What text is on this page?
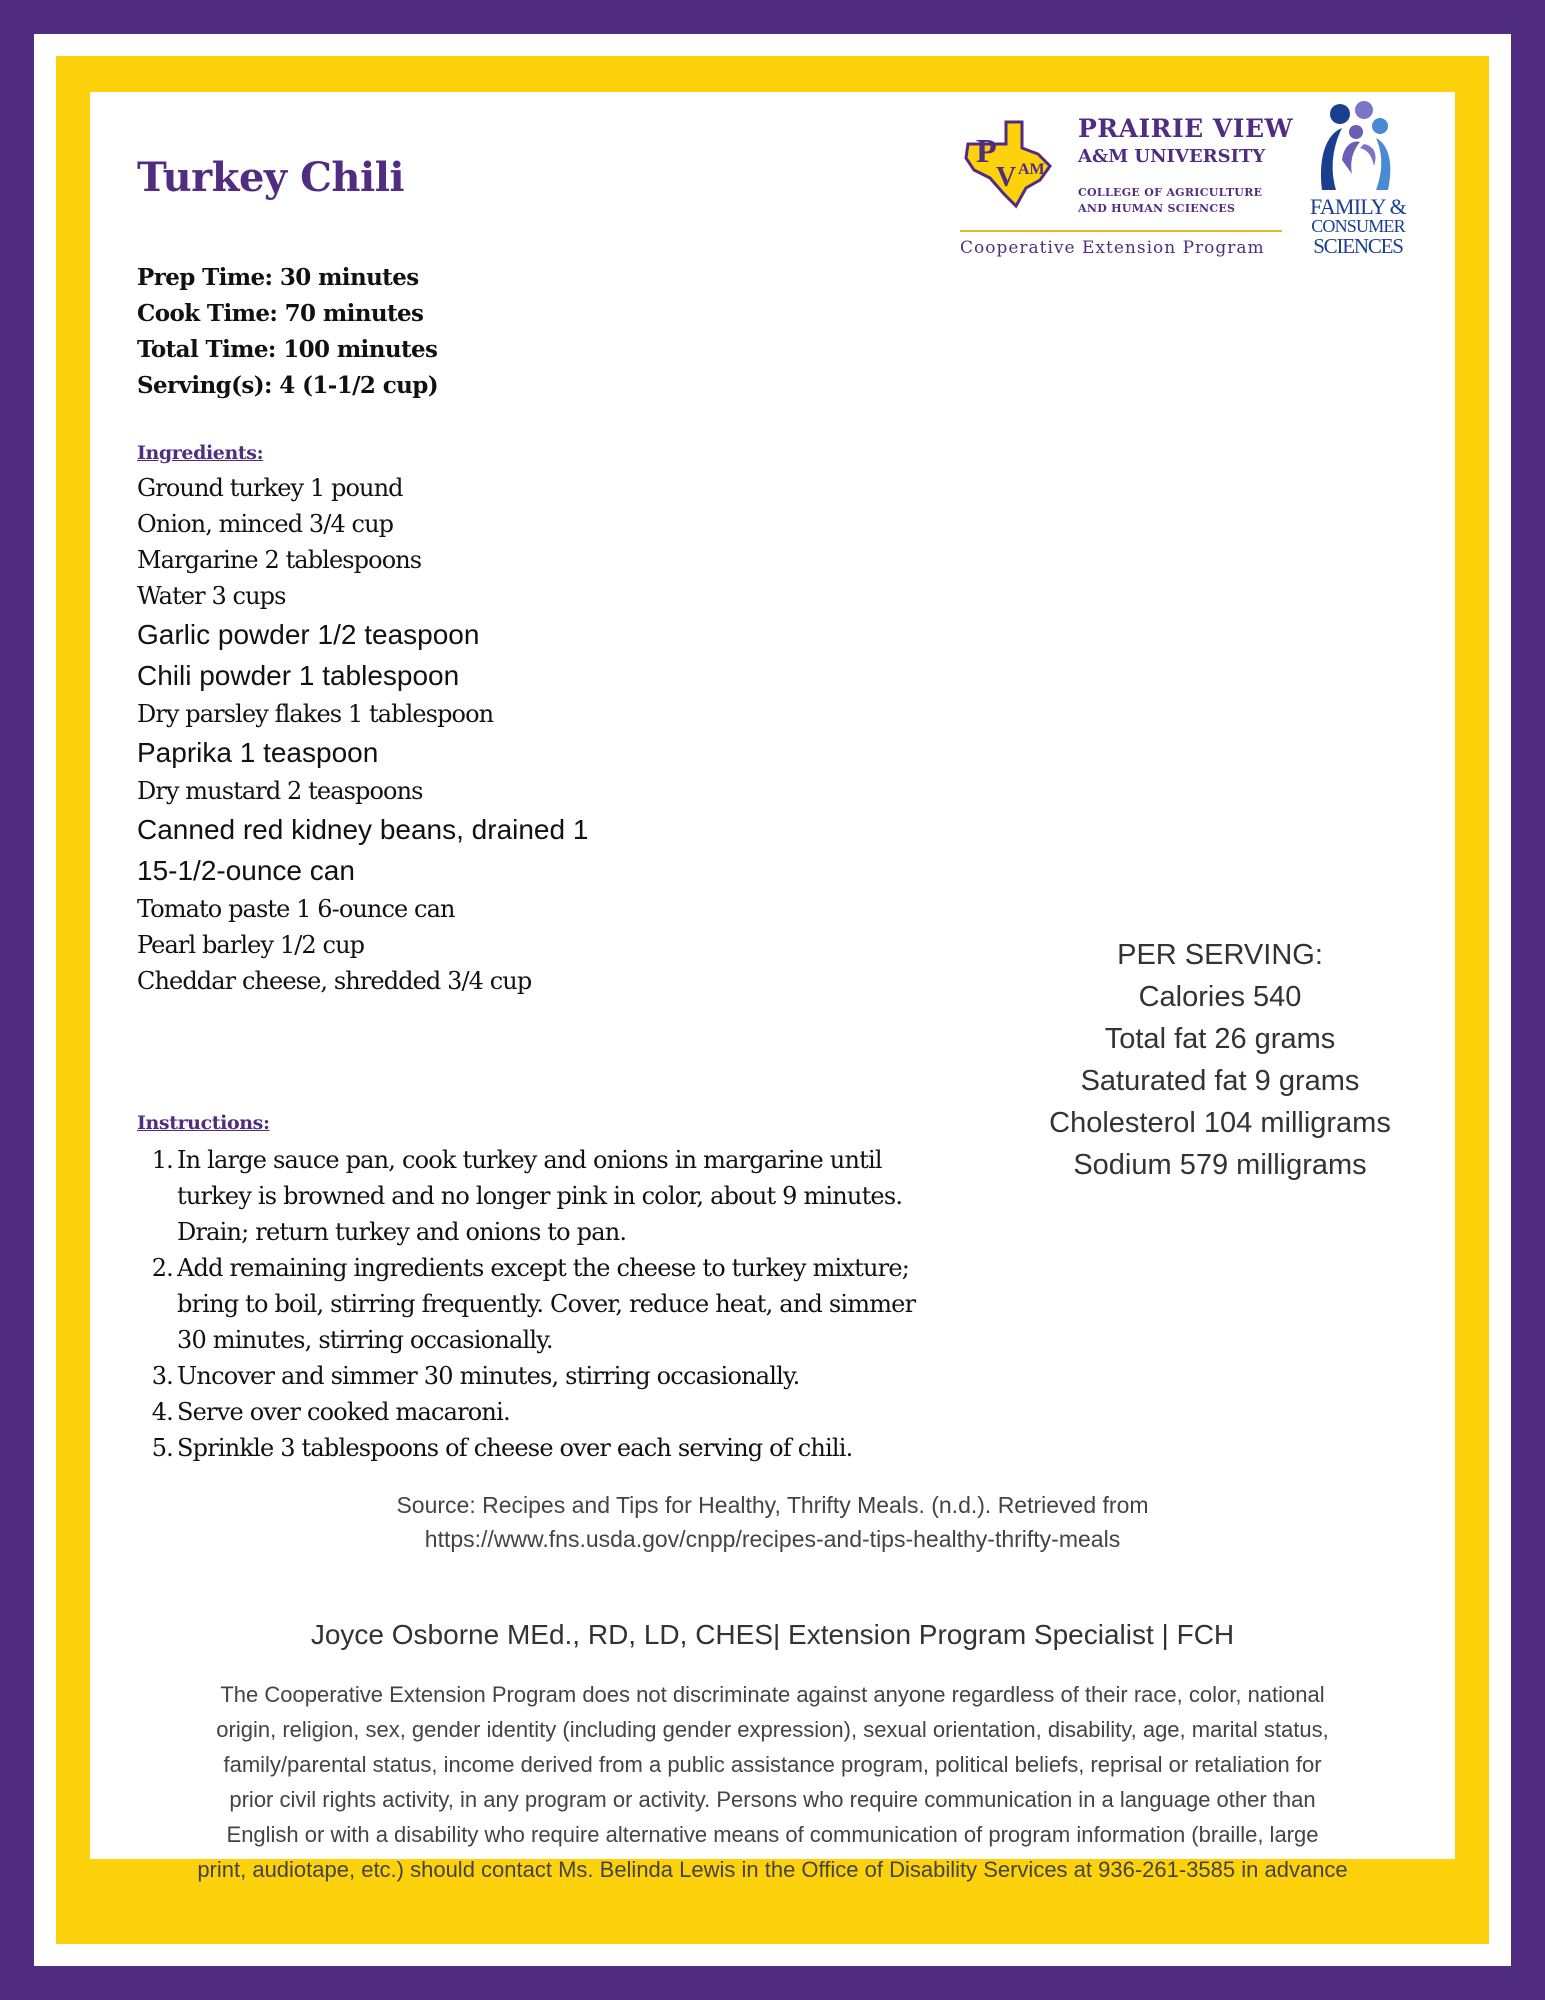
Turkey Chili
P
V AM
PRAIRIE VIEW
A&M UNIVERSITY
COLLEGE OF AGRICULTURE
AND HUMAN SCIENCES
Cooperative Extension Program
FAMILY &
CONSUMER
SCIENCES
Prep Time: 30 minutes
Cook Time: 70 minutes
Total Time: 100 minutes
Serving(s): 4 (1-1/2 cup)
Ingredients:
Ground turkey 1 pound
Onion, minced 3/4 cup
Margarine 2 tablespoons
Water 3 cups
Garlic powder 1/2 teaspoon
Chili powder 1 tablespoon
Dry parsley flakes 1 tablespoon
Paprika 1 teaspoon
Dry mustard 2 teaspoons
Canned red kidney beans, drained 1
15-1/2-ounce can
Tomato paste 1 6-ounce can
Pearl barley 1/2 cup
Cheddar cheese, shredded 3/4 cup
PER SERVING:
Calories 540
Total fat 26 grams
Saturated fat 9 grams
Cholesterol 104 milligrams
Sodium 579 milligrams
Instructions:
1. In large sauce pan, cook turkey and onions in margarine until turkey is browned and no longer pink in color, about 9 minutes. Drain; return turkey and onions to pan.
2. Add remaining ingredients except the cheese to turkey mixture; bring to boil, stirring frequently. Cover, reduce heat, and simmer 30 minutes, stirring occasionally.
3. Uncover and simmer 30 minutes, stirring occasionally.
4. Serve over cooked macaroni.
5. Sprinkle 3 tablespoons of cheese over each serving of chili.
Source: Recipes and Tips for Healthy, Thrifty Meals. (n.d.). Retrieved from
https://www.fns.usda.gov/cnpp/recipes-and-tips-healthy-thrifty-meals
Joyce Osborne MEd., RD, LD, CHES| Extension Program Specialist | FCH
The Cooperative Extension Program does not discriminate against anyone regardless of their race, color, national
origin, religion, sex, gender identity (including gender expression), sexual orientation, disability, age, marital status,
family/parental status, income derived from a public assistance program, political beliefs, reprisal or retaliation for
prior civil rights activity, in any program or activity. Persons who require communication in a language other than
English or with a disability who require alternative means of communication of program information (braille, large
print, audiotape, etc.) should contact Ms. Belinda Lewis in the Office of Disability Services at 936-261-3585 in advance
